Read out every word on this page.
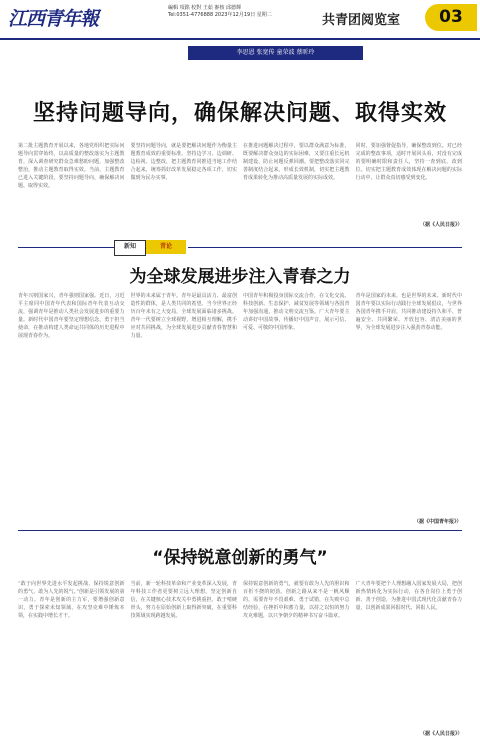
江西青年報	編輯 項銘 校對 王茹 審核 邱德輝
Tel:0351-4776888 2023年12月19日 星期二	共青团阅览室	03
李思恩 张宽传 童荣波 蔡昕玲
坚持问题导向，确保解决问题、取得实效
第二批主题教育开展以来，各地党组织把实际问题导向贯穿始终，以高质量的整改落实为主题教育，深入调查研究群众急难愁盼问题，加强整改整治，推动主题教育取得实效。当前，主题教育已进入关键阶段，要坚持问题导向，确保解决问题、取得实效。
要坚持问题导向，就是要把解决问题作为衡量主题教育成效的重要标准。坚持边学习、边调研、边检视、边整改，把主题教育同推进当地工作结合起来，统筹抓好改革发展稳定各项工作，切实做到为民办实事。
在推进问题解决过程中，要以群众满意为标准，既要解决群众身边的实际困难，又要注重长远机制建设，防止问题反弹回潮。要把整改落实同完善制度结合起来，形成长效机制，切实把主题教育成果转化为推动高质量发展的实际成效。
同时，要加强督促指导，确保整改到位。对已经完成的整改事项，适时开展回头看，对没有完成的要明确时限和责任人，坚持一查到底、改到位。切实把主题教育成效体现在解决问题的实际行动中，让群众真切感受到变化。
（据《人民日报》）
新知	青论
为全球发展进步注入青春之力
青年兴则国家兴，青年强则国家强。近日，习近平主席同中国青年代表和国际青年代表互动交流，强调青年是推动人类社会发展进步的重要力量。新时代中国青年要坚定理想信念，勇于担当使命，在推动构建人类命运共同体的历史进程中展现青春作为。
世界的未来属于青年。青年是最具活力、最富创造性的群体，是人类共同的希望。当今世界正经历百年未有之大变局，全球发展面临诸多挑战。青年一代要树立全球视野，增进相互理解，携手应对共同挑战，为全球发展进步贡献青春智慧和力量。
中国青年积极投身国际交流合作，在文化交流、科技创新、生态保护、减贫发展等领域与各国青年加强沟通，推动文明交流互鉴。广大青年要主动讲好中国故事，传播好中国声音，展示可信、可爱、可敬的中国形象。
青年是国家的未来，也是世界的未来。新时代中国青年要以实际行动践行全球发展倡议，与世界各国青年携手并肩，共同推动建设持久和平、普遍安全、共同繁荣、开放包容、清洁美丽的世界，为全球发展进步注入强劲青春动能。
（据《中国青年报》）
“保持锐意创新的勇气”
“敢于向世界先进水平发起挑战，保持锐意创新的勇气、敢为人先的锐气。”创新是引领发展的第一动力。青年是创新的主力军，要增强创新意识，勇于探索未知领域，在攻坚克难中锤炼本领，在实践中增长才干。
当前，新一轮科技革命和产业变革深入发展，青年科技工作者更要树立远大理想，坚定创新自信，在关键核心技术攻关中勇挑重担，敢于啃硬骨头，努力在原始创新上取得新突破，在重要科技领域实现跨越发展。
保持锐意创新的勇气，就要有敢为人先的胆识和百折不挠的韧劲。创新之路从来不是一帆风顺的，需要青年不畏艰难、勇于试错，在失败中总结经验，在挫折中积蓄力量，以持之以恒的努力攻克难题，以只争朝夕的精神书写奋斗篇章。
广大青年要把个人理想融入国家发展大局，把创新热情转化为实际行动，在各自岗位上勇于创新、善于创造，为推进中国式现代化贡献青春力量，以创新成果回报时代、回报人民。
（据《人民日报》）
